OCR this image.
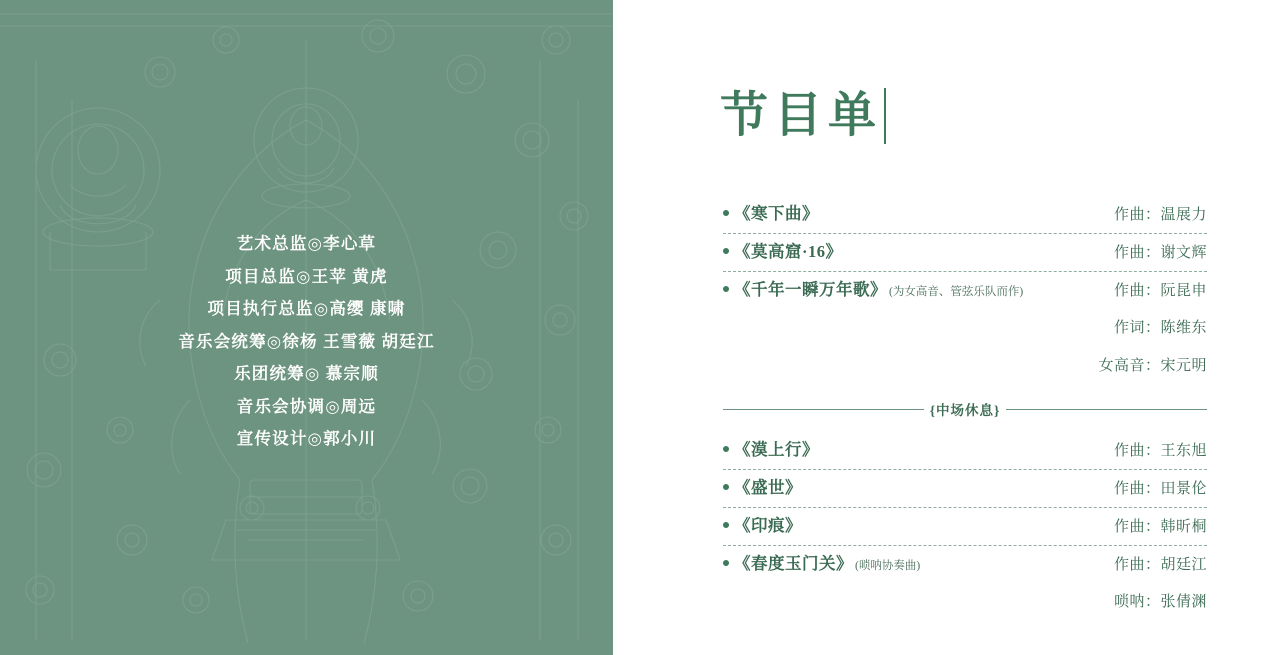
艺术总监◎李心草
项目总监◎王苹 黄虎
项目执行总监◎高缨 康啸
音乐会统筹◎徐杨 王雪薇 胡廷江
乐团统筹◎ 慕宗顺
音乐会协调◎周远
宣传设计◎郭小川
节目单
《寒下曲》	作曲：温展力
《莫高窟·16》	作曲：谢文辉
《千年一瞬万年歌》 (为女高音、管弦乐队而作)	作曲：阮昆申
作词：陈维东
女高音：宋元明
{中场休息}
《漠上行》	作曲：王东旭
《盛世》	作曲：田景伦
《印痕》	作曲：韩昕桐
《春度玉门关》 (唢呐协奏曲)	作曲：胡廷江
唢呐：张倩渊
